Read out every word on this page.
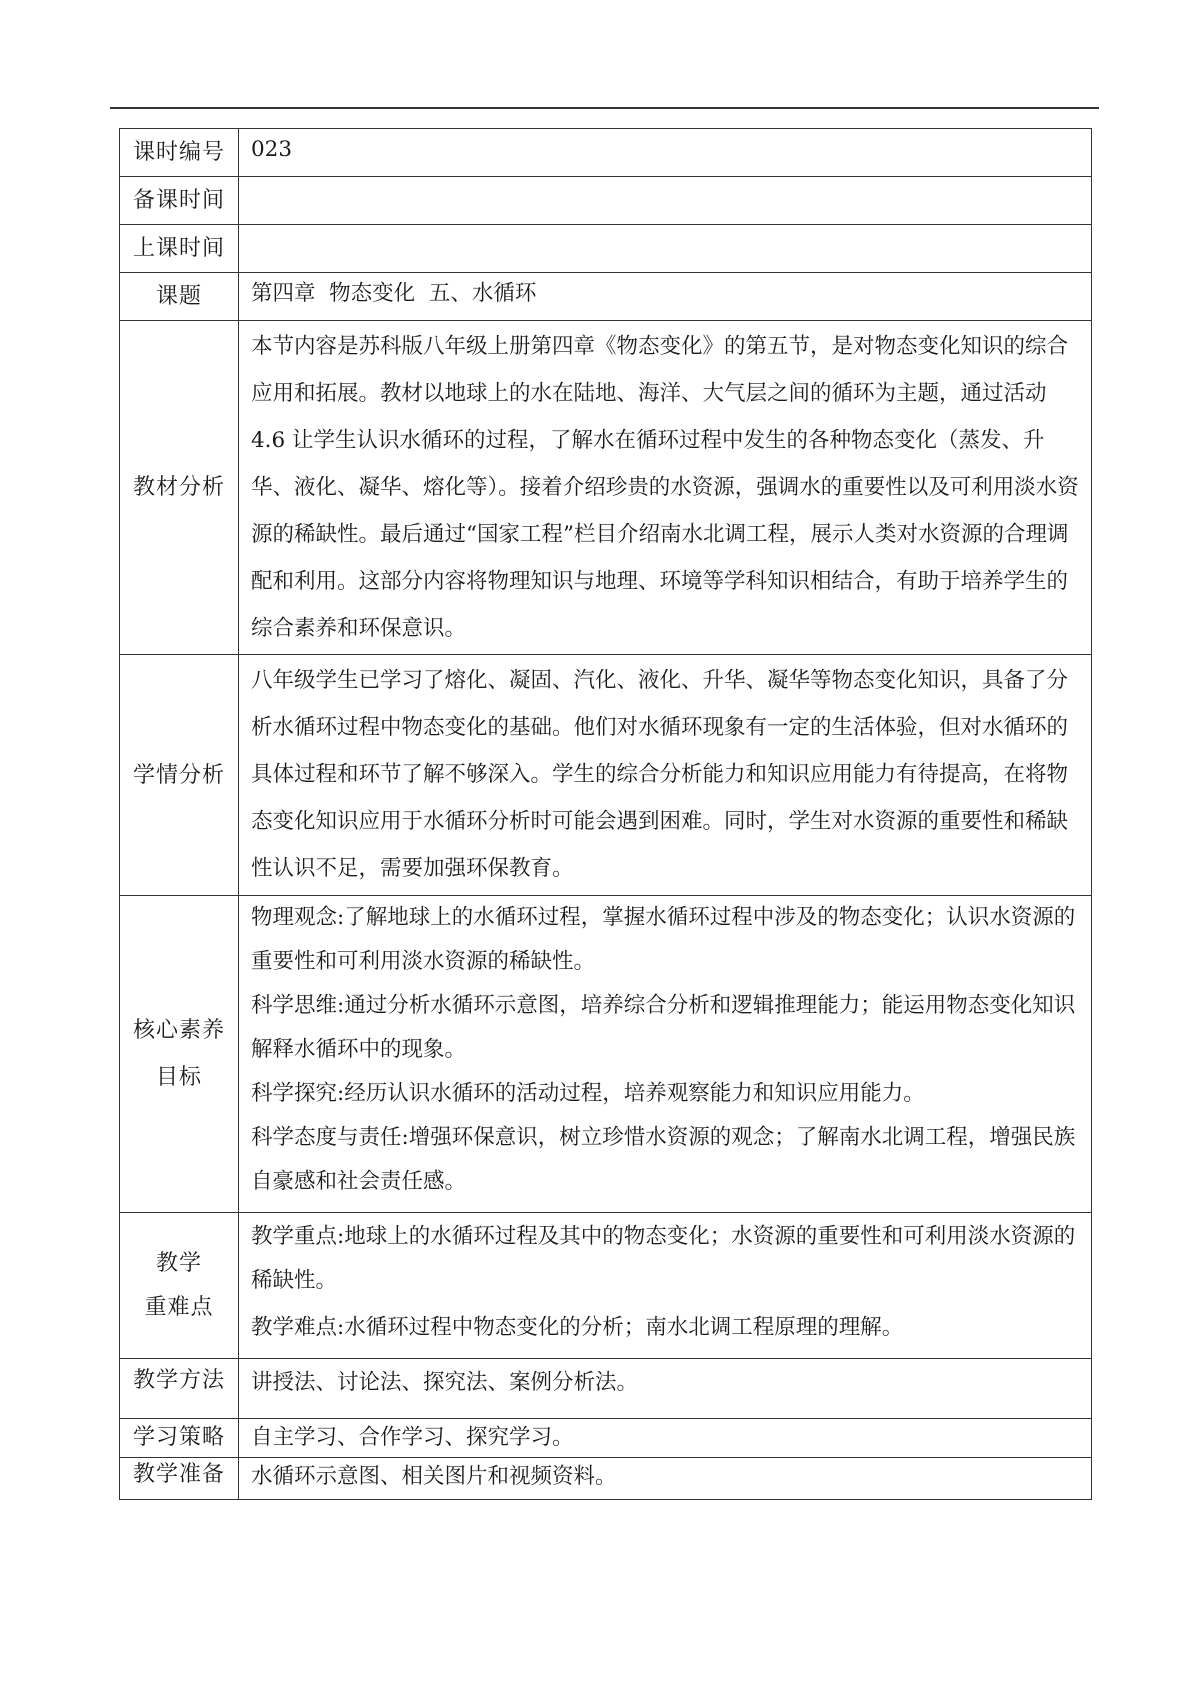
课时编号	023
备课时间	
上课时间	
课题	第四章  物态变化  五、水循环
教材分析	本节内容是苏科版八年级上册第四章《物态变化》的第五节，是对物态变化知识的综合应用和拓展。教材以地球上的水在陆地、海洋、大气层之间的循环为主题，通过活动 4.6 让学生认识水循环的过程，了解水在循环过程中发生的各种物态变化（蒸发、升华、液化、凝华、熔化等）。接着介绍珍贵的水资源，强调水的重要性以及可利用淡水资源的稀缺性。最后通过“国家工程”栏目介绍南水北调工程，展示人类对水资源的合理调配和利用。这部分内容将物理知识与地理、环境等学科知识相结合，有助于培养学生的综合素养和环保意识。
学情分析	八年级学生已学习了熔化、凝固、汽化、液化、升华、凝华等物态变化知识，具备了分析水循环过程中物态变化的基础。他们对水循环现象有一定的生活体验，但对水循环的具体过程和环节了解不够深入。学生的综合分析能力和知识应用能力有待提高，在将物态变化知识应用于水循环分析时可能会遇到困难。同时，学生对水资源的重要性和稀缺性认识不足，需要加强环保教育。

核心素养
目标	物理观念:了解地球上的水循环过程，掌握水循环过程中涉及的物态变化；认识水资源的重要性和可利用淡水资源的稀缺性。
科学思维:通过分析水循环示意图，培养综合分析和逻辑推理能力；能运用物态变化知识解释水循环中的现象。
科学探究:经历认识水循环的活动过程，培养观察能力和知识应用能力。
科学态度与责任:增强环保意识，树立珍惜水资源的观念；了解南水北调工程，增强民族自豪感和社会责任感。

教学
重难点	教学重点:地球上的水循环过程及其中的物态变化；水资源的重要性和可利用淡水资源的稀缺性。
教学难点:水循环过程中物态变化的分析；南水北调工程原理的理解。

教学方法	讲授法、讨论法、探究法、案例分析法。
学习策略	自主学习、合作学习、探究学习。
教学准备	水循环示意图、相关图片和视频资料。
